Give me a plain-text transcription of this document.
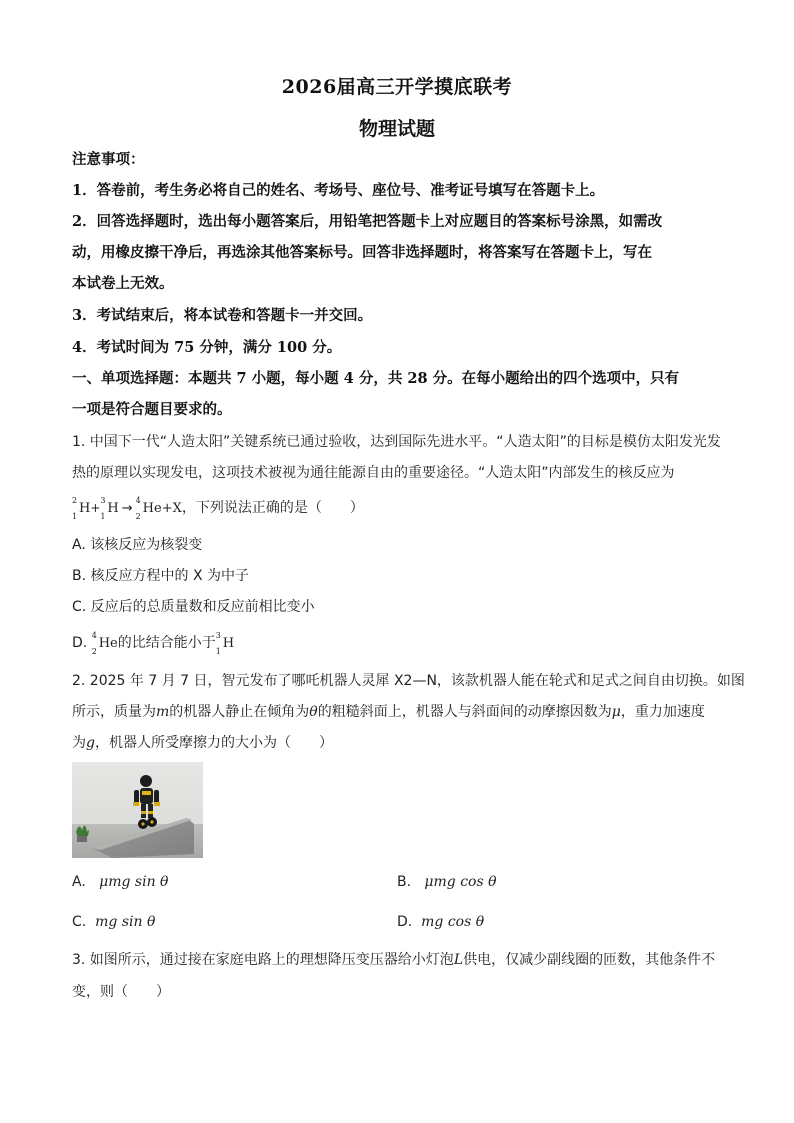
2026届高三开学摸底联考
物理试题
注意事项：
1．答卷前，考生务必将自己的姓名、考场号、座位号、准考证号填写在答题卡上。
2．回答选择题时，选出每小题答案后，用铅笔把答题卡上对应题目的答案标号涂黑，如需改
动，用橡皮擦干净后，再选涂其他答案标号。回答非选择题时，将答案写在答题卡上，写在
本试卷上无效。
3．考试结束后，将本试卷和答题卡一并交回。
4．考试时间为 75 分钟，满分 100 分。
一、单项选择题：本题共 7 小题，每小题 4 分，共 28 分。在每小题给出的四个选项中，只有
一项是符合题目要求的。
1. 中国下一代“人造太阳”关键系统已通过验收，达到国际先进水平。“人造太阳”的目标是模仿太阳发光发
热的原理以实现发电，这项技术被视为通往能源自由的重要途径。“人造太阳”内部发生的核反应为
2
1
H+
3
1
H →
4
2
He+X，下列说法正确的是（　　）
A. 该核反应为核裂变
B. 核反应方程中的 X 为中子
C. 反应后的总质量数和反应前相比变小
D. 4
2
He的比结合能小于 3
1
H
2. 2025 年 7 月 7 日，智元发布了哪吒机器人灵犀 X2—N，该款机器人能在轮式和足式之间自由切换。如图
所示，质量为m的机器人静止在倾角为θ的粗糙斜面上，机器人与斜面间的动摩擦因数为μ，重力加速度
为g，机器人所受摩擦力的大小为（　　）
A. μmg sin θ	B. μmg cos θ
C. mg sin θ	D. mg cos θ
3. 如图所示，通过接在家庭电路上的理想降压变压器给小灯泡L供电，仅减少副线圈的匝数，其他条件不
变，则（　　）
